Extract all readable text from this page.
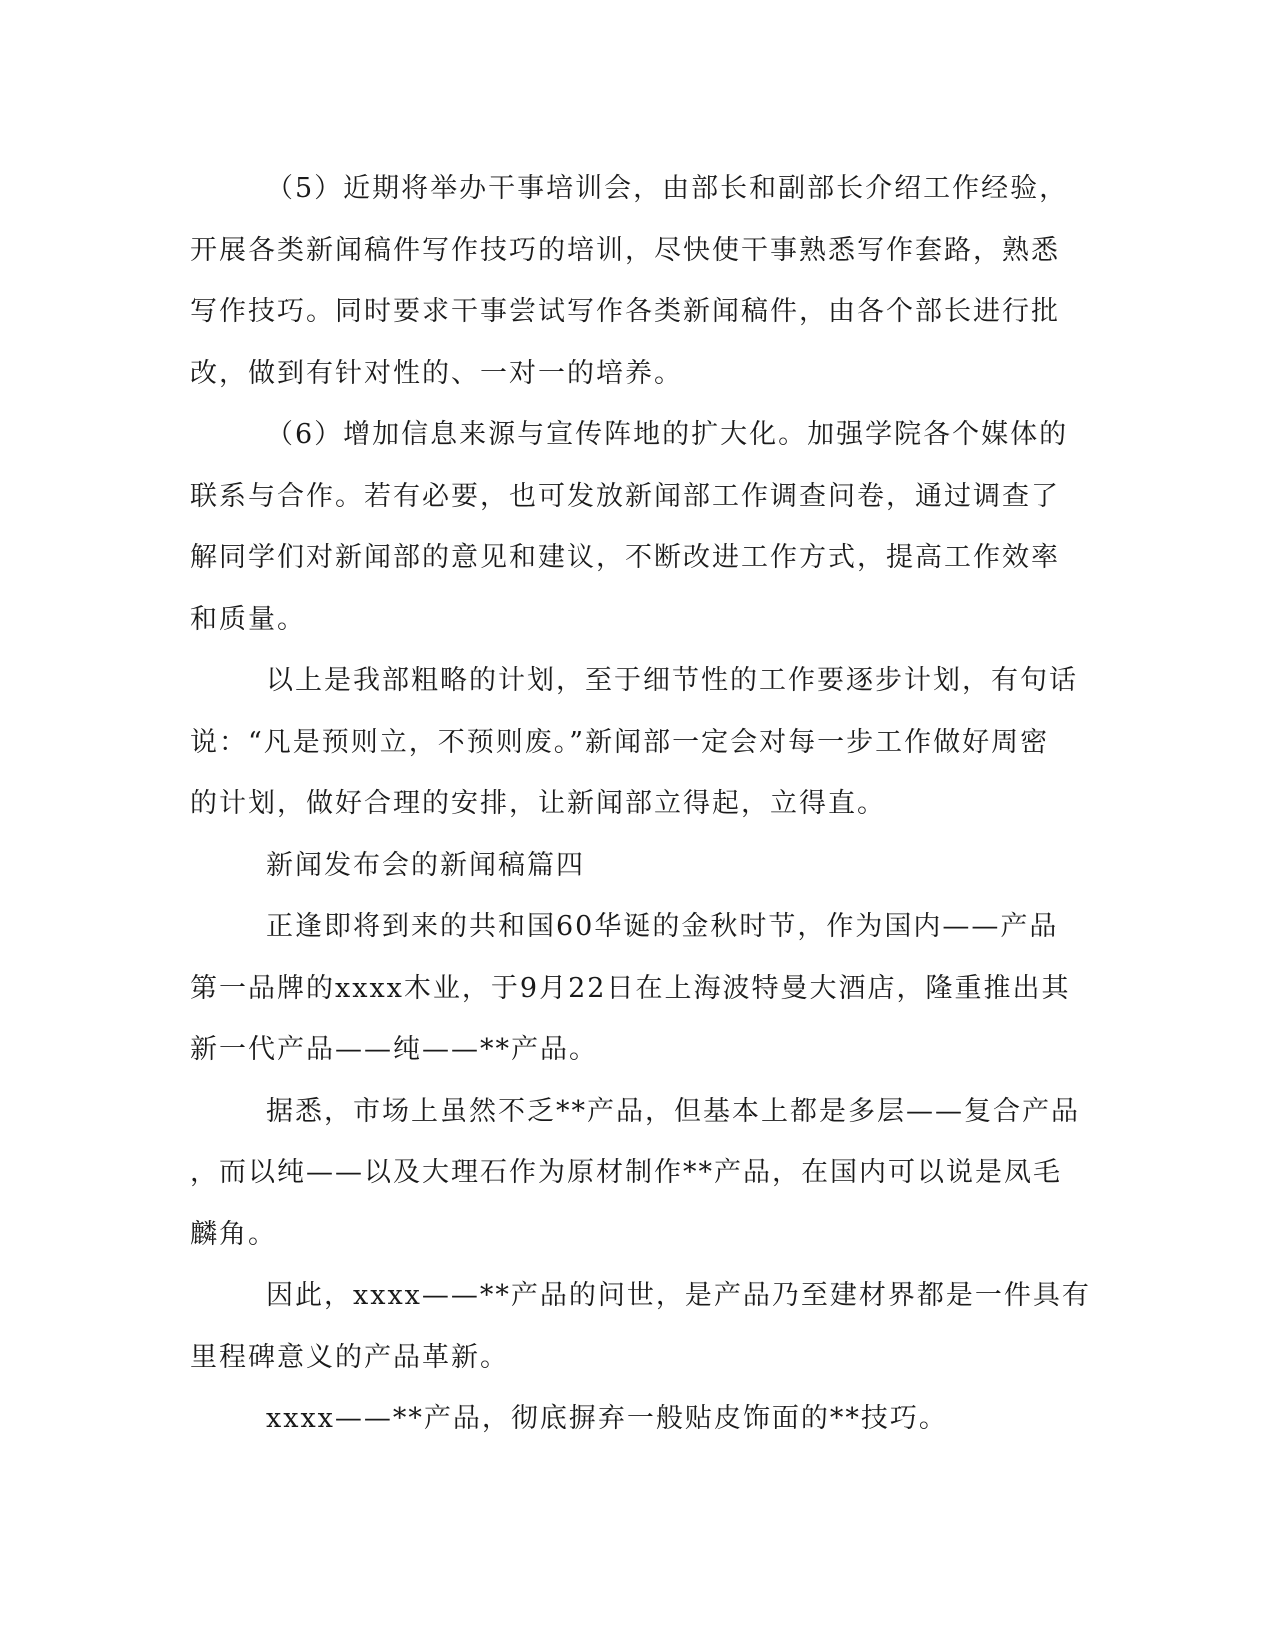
（5）近期将举办干事培训会，由部长和副部长介绍工作经验，
开展各类新闻稿件写作技巧的培训，尽快使干事熟悉写作套路，熟悉
写作技巧。同时要求干事尝试写作各类新闻稿件，由各个部长进行批
改，做到有针对性的、一对一的培养。
（6）增加信息来源与宣传阵地的扩大化。加强学院各个媒体的
联系与合作。若有必要，也可发放新闻部工作调查问卷，通过调查了
解同学们对新闻部的意见和建议，不断改进工作方式，提高工作效率
和质量。
以上是我部粗略的计划，至于细节性的工作要逐步计划，有句话
说：“凡是预则立，不预则废。”新闻部一定会对每一步工作做好周密
的计划，做好合理的安排，让新闻部立得起，立得直。
新闻发布会的新闻稿篇四
正逢即将到来的共和国60华诞的金秋时节，作为国内——产品
第一品牌的xxxx木业，于9月22日在上海波特曼大酒店，隆重推出其
新一代产品——纯——**产品。
据悉，市场上虽然不乏**产品，但基本上都是多层——复合产品
，而以纯——以及大理石作为原材制作**产品，在国内可以说是凤毛
麟角。
因此，xxxx——**产品的问世，是产品乃至建材界都是一件具有
里程碑意义的产品革新。
xxxx——**产品，彻底摒弃一般贴皮饰面的**技巧。
